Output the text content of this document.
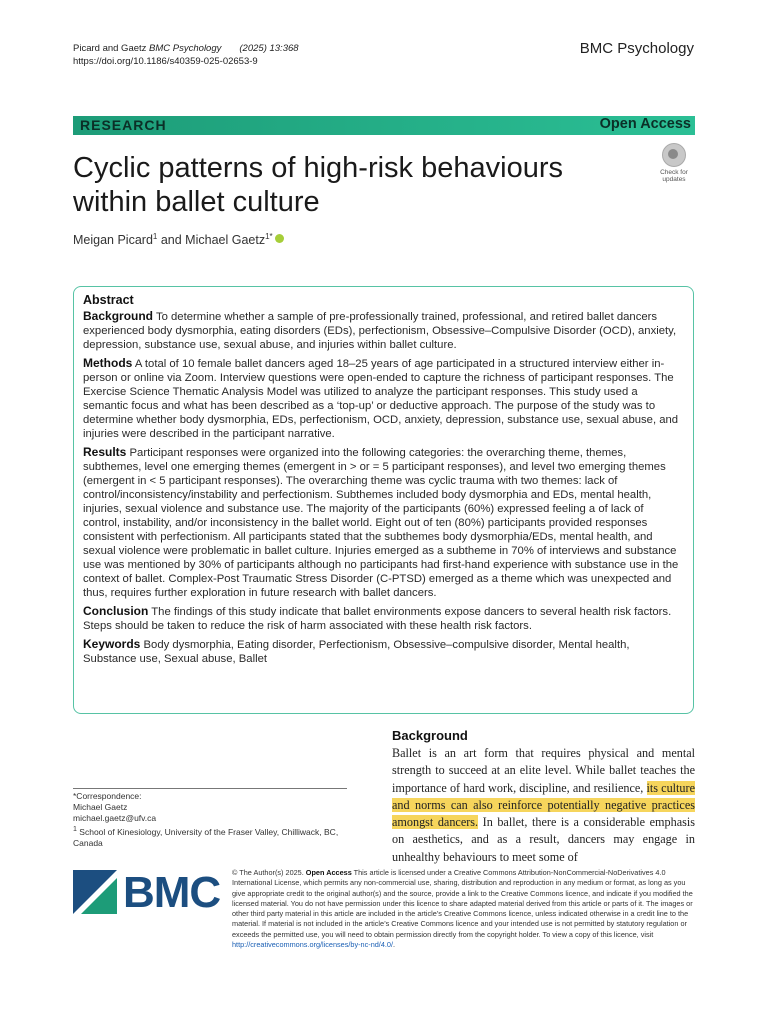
Picard and Gaetz BMC Psychology (2025) 13:368
https://doi.org/10.1186/s40359-025-02653-9
BMC Psychology
RESEARCH	Open Access
Cyclic patterns of high-risk behaviours
within ballet culture
Check for
updates
Meigan Picard$^1$ and Michael Gaetz$^{1*}$
Abstract

Background To determine whether a sample of pre-professionally trained, professional, and retired ballet dancers experienced body dysmorphia, eating disorders (EDs), perfectionism, Obsessive–Compulsive Disorder (OCD), anxiety, depression, substance use, sexual abuse, and injuries within ballet culture.

Methods A total of 10 female ballet dancers aged 18–25 years of age participated in a structured interview either in-person or online via Zoom. Interview questions were open-ended to capture the richness of participant responses. The Exercise Science Thematic Analysis Model was utilized to analyze the participant responses. This study used a semantic focus and what has been described as a ‘top-up’ or deductive approach. The purpose of the study was to determine whether body dysmorphia, EDs, perfectionism, OCD, anxiety, depression, substance use, sexual abuse, and injuries were described in the participant narrative.

Results Participant responses were organized into the following categories: the overarching theme, themes, subthemes, level one emerging themes (emergent in > or = 5 participant responses), and level two emerging themes (emergent in < 5 participant responses). The overarching theme was cyclic trauma with two themes: lack of control/inconsistency/instability and perfectionism. Subthemes included body dysmorphia and EDs, mental health, injuries, sexual violence and substance use. The majority of the participants (60%) expressed feeling a of lack of control, instability, and/or inconsistency in the ballet world. Eight out of ten (80%) participants provided responses consistent with perfectionism. All participants stated that the subthemes body dysmorphia/EDs, mental health, and sexual violence were problematic in ballet culture. Injuries emerged as a subtheme in 70% of interviews and substance use was mentioned by 30% of participants although no participants had first-hand experience with substance use in the context of ballet. Complex-Post Traumatic Stress Disorder (C-PTSD) emerged as a theme which was unexpected and thus, requires further exploration in future research with ballet dancers.

Conclusion The findings of this study indicate that ballet environments expose dancers to several health risk factors. Steps should be taken to reduce the risk of harm associated with these health risk factors.

Keywords Body dysmorphia, Eating disorder, Perfectionism, Obsessive–compulsive disorder, Mental health, Substance use, Sexual abuse, Ballet

*Correspondence:
Michael Gaetz
michael.gaetz@ufv.ca
$^1$ School of Kinesiology, University of the Fraser Valley, Chilliwack, BC, Canada
Background

Ballet is an art form that requires physical and mental strength to succeed at an elite level. While ballet teaches the importance of hard work, discipline, and resilience, its culture and norms can also reinforce potentially negative practices amongst dancers. In ballet, there is a considerable emphasis on aesthetics, and as a result, dancers may engage in unhealthy behaviours to meet some of

BMC © The Author(s) 2025. Open Access This article is licensed under a Creative Commons Attribution-NonCommercial-NoDerivatives 4.0 International License, which permits any non-commercial use, sharing, distribution and reproduction in any medium or format, as long as you give appropriate credit to the original author(s) and the source, provide a link to the Creative Commons licence, and indicate if you modified the licensed material. You do not have permission under this licence to share adapted material derived from this article or parts of it. The images or other third party material in this article are included in the article’s Creative Commons licence, unless indicated otherwise in a credit line to the material. If material is not included in the article’s Creative Commons licence and your intended use is not permitted by statutory regulation or exceeds the permitted use, you will need to obtain permission directly from the copyright holder. To view a copy of this licence, visit http://creativecommons.org/licenses/by-nc-nd/4.0/.
